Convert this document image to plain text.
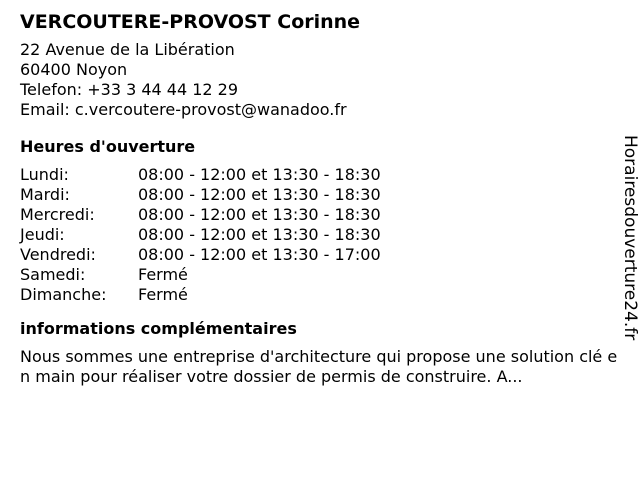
VERCOUTERE-PROVOST Corinne
22 Avenue de la Libération
60400 Noyon
Telefon: +33 3 44 44 12 29
Email: c.vercoutere-provost@wanadoo.fr
Heures d'ouverture
Lundi:	08:00 - 12:00 et 13:30 - 18:30
Mardi:	08:00 - 12:00 et 13:30 - 18:30
Mercredi:	08:00 - 12:00 et 13:30 - 18:30
Jeudi:	08:00 - 12:00 et 13:30 - 18:30
Vendredi:	08:00 - 12:00 et 13:30 - 17:00
Samedi:	Fermé
Dimanche:	Fermé
informations complémentaires

Nous sommes une entreprise d'architecture qui propose une solution clé en main pour réaliser votre dossier de permis de construire. A...

Horairesdouverture24.fr
